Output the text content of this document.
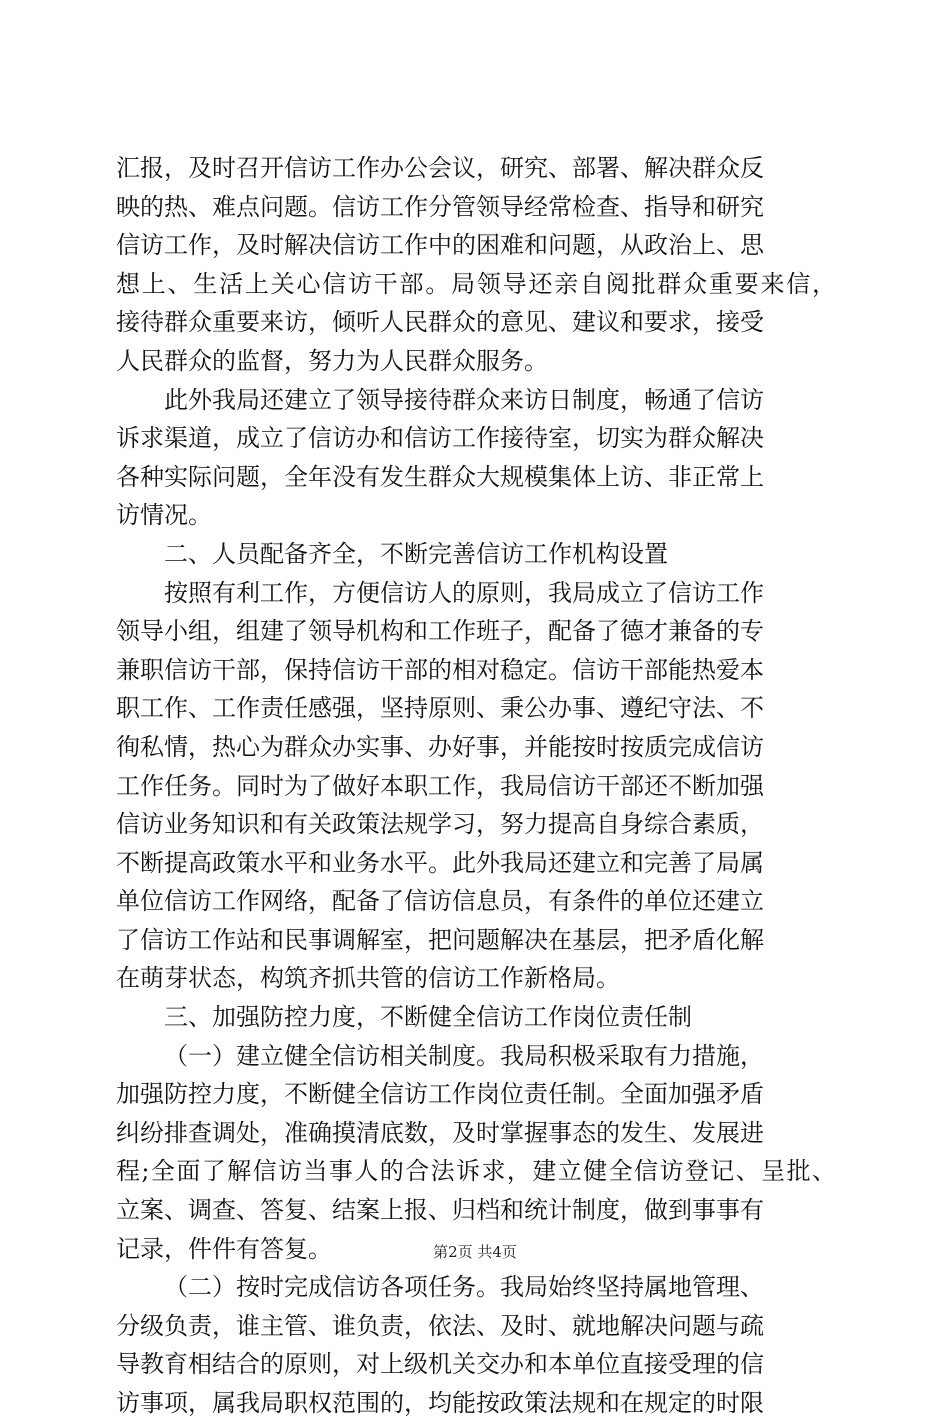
汇报，及时召开信访工作办公会议，研究、部署、解决群众反
映的热、难点问题。信访工作分管领导经常检查、指导和研究
信访工作，及时解决信访工作中的困难和问题，从政治上、思
想上、生活上关心信访干部。局领导还亲自阅批群众重要来信，
接待群众重要来访，倾听人民群众的意见、建议和要求，接受
人民群众的监督，努力为人民群众服务。
此外我局还建立了领导接待群众来访日制度，畅通了信访
诉求渠道，成立了信访办和信访工作接待室，切实为群众解决
各种实际问题，全年没有发生群众大规模集体上访、非正常上
访情况。
二、人员配备齐全，不断完善信访工作机构设置
按照有利工作，方便信访人的原则，我局成立了信访工作
领导小组，组建了领导机构和工作班子，配备了德才兼备的专
兼职信访干部，保持信访干部的相对稳定。信访干部能热爱本
职工作、工作责任感强，坚持原则、秉公办事、遵纪守法、不
徇私情，热心为群众办实事、办好事，并能按时按质完成信访
工作任务。同时为了做好本职工作，我局信访干部还不断加强
信访业务知识和有关政策法规学习，努力提高自身综合素质，
不断提高政策水平和业务水平。此外我局还建立和完善了局属
单位信访工作网络，配备了信访信息员，有条件的单位还建立
了信访工作站和民事调解室，把问题解决在基层，把矛盾化解
在萌芽状态，构筑齐抓共管的信访工作新格局。
三、加强防控力度，不断健全信访工作岗位责任制
（一）建立健全信访相关制度。我局积极采取有力措施，
加强防控力度，不断健全信访工作岗位责任制。全面加强矛盾
纠纷排查调处，准确摸清底数，及时掌握事态的发生、发展进
程;全面了解信访当事人的合法诉求，建立健全信访登记、呈批、
立案、调查、答复、结案上报、归档和统计制度，做到事事有
记录，件件有答复。
（二）按时完成信访各项任务。我局始终坚持属地管理、
分级负责，谁主管、谁负责，依法、及时、就地解决问题与疏
导教育相结合的原则，对上级机关交办和本单位直接受理的信
访事项，属我局职权范围的，均能按政策法规和在规定的时限
第2页 共4页
